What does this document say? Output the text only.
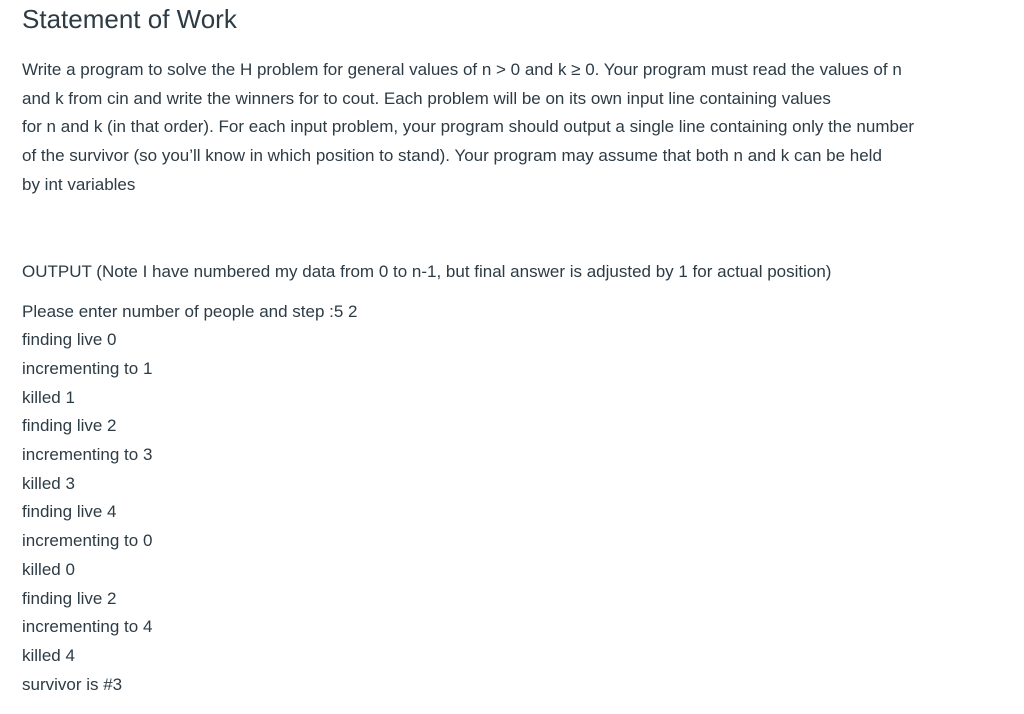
Statement of Work
Write a program to solve the H problem for general values of n > 0 and k ≥ 0. Your program must read the values of n
and k from cin and write the winners for to cout. Each problem will be on its own input line containing values
for n and k (in that order). For each input problem, your program should output a single line containing only the number
of the survivor (so you’ll know in which position to stand). Your program may assume that both n and k can be held
by int variables
OUTPUT (Note I have numbered my data from 0 to n-1, but final answer is adjusted by 1 for actual position)
Please enter number of people and step :5 2
finding live 0
incrementing to 1
killed 1
finding live 2
incrementing to 3
killed 3
finding live 4
incrementing to 0
killed 0
finding live 2
incrementing to 4
killed 4
survivor is #3
